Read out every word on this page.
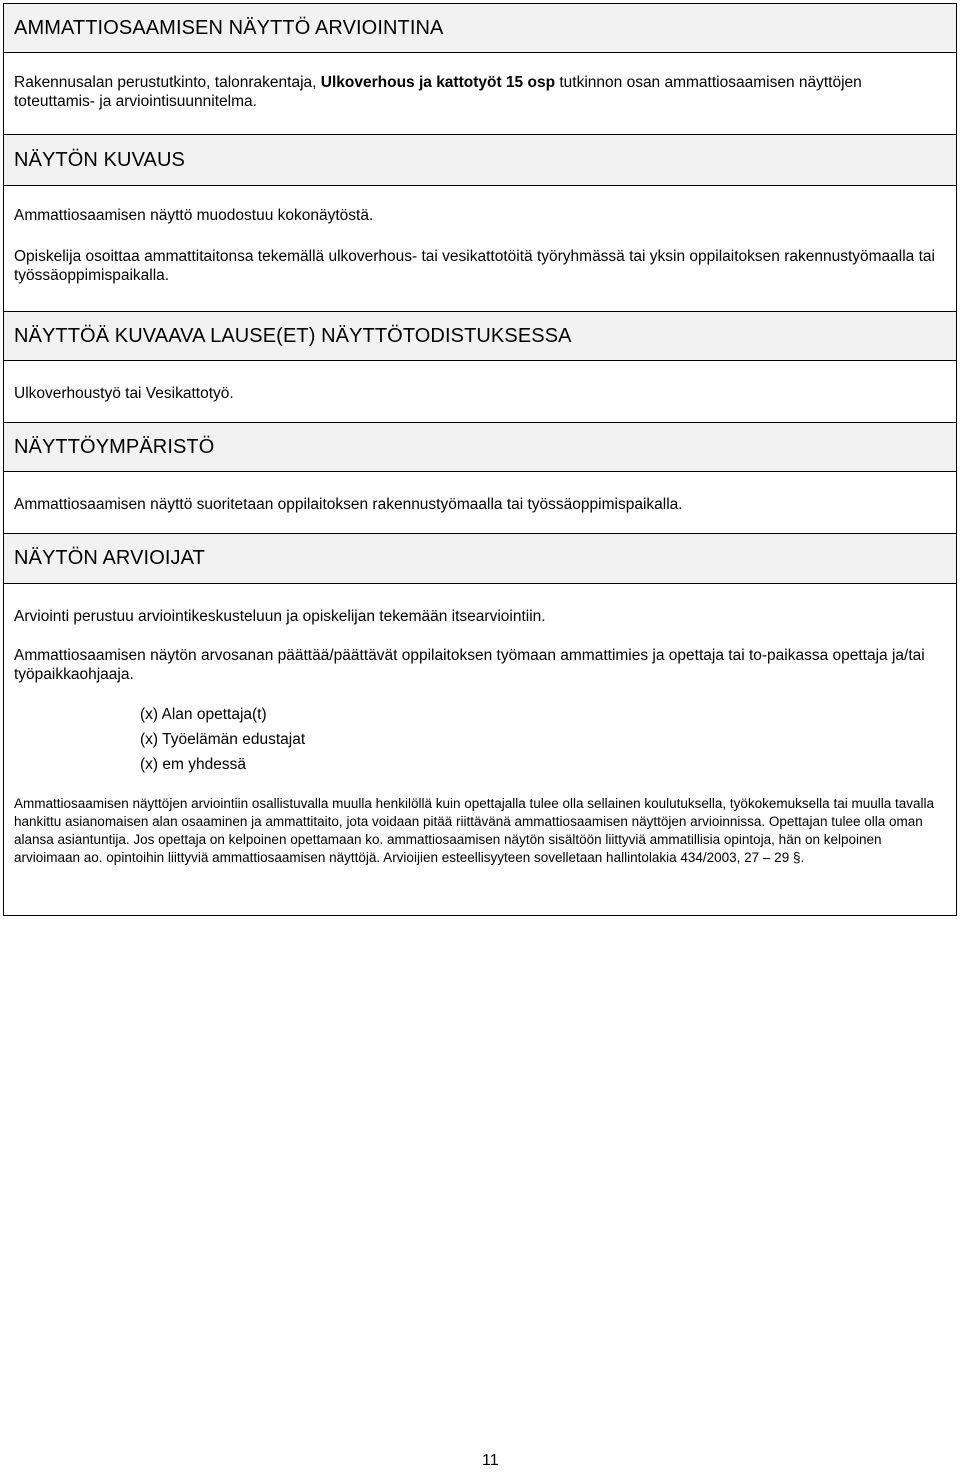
AMMATTIOSAAMISEN NÄYTTÖ ARVIOINTINA

Rakennusalan perustutkinto, talonrakentaja, Ulkoverhous ja kattotyöt 15 osp tutkinnon osan ammattiosaamisen näyttöjen toteuttamis- ja arviointisuunnitelma.

NÄYTÖN KUVAUS

Ammattiosaamisen näyttö muodostuu kokonäytöstä.

Opiskelija osoittaa ammattitaitonsa tekemällä ulkoverhous- tai vesikattotöitä työryhmässä tai yksin oppilaitoksen rakennustyömaalla tai työssäoppimispaikalla.

NÄYTTÖÄ KUVAAVA LAUSE(ET) NÄYTTÖTODISTUKSESSA

Ulkoverhoustyö tai Vesikattotyö.

NÄYTTÖYMPÄRISTÖ

Ammattiosaamisen näyttö suoritetaan oppilaitoksen rakennustyömaalla tai työssäoppimispaikalla.

NÄYTÖN ARVIOIJAT

Arviointi perustuu arviointikeskusteluun ja opiskelijan tekemään itsearviointiin.

Ammattiosaamisen näytön arvosanan päättää/päättävät oppilaitoksen työmaan ammattimies ja opettaja tai to-paikassa opettaja ja/tai työpaikkaohjaaja.

(x) Alan opettaja(t)
(x) Työelämän edustajat
(x) em yhdessä

Ammattiosaamisen näyttöjen arviointiin osallistuvalla muulla henkilöllä kuin opettajalla tulee olla sellainen koulutuksella, työkokemuksella tai muulla tavalla hankittu asianomaisen alan osaaminen ja ammattitaito, jota voidaan pitää riittävänä ammattiosaamisen näyttöjen arvioinnissa. Opettajan tulee olla oman alansa asiantuntija. Jos opettaja on kelpoinen opettamaan ko. ammattiosaamisen näytön sisältöön liittyviä ammatillisia opintoja, hän on kelpoinen arvioimaan ao. opintoihin liittyviä ammattiosaamisen näyttöjä. Arvioijien esteellisyyteen sovelletaan hallintolakia 434/2003, 27 – 29 §.

11
